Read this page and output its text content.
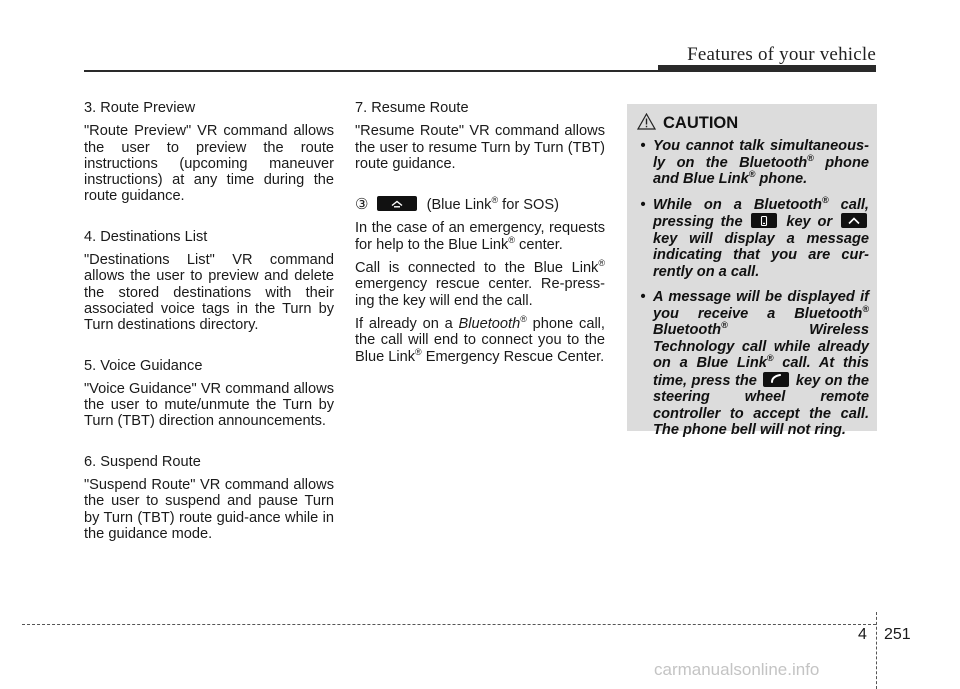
Features of your vehicle

3. Route Preview

"Route Preview" VR command allows the user to preview the route instructions (upcoming maneuver instructions) at any time during the route guidance.

4. Destinations List

"Destinations List" VR command allows the user to preview and delete the stored destinations with their associated voice tags in the Turn by Turn destinations directory.

5. Voice Guidance

"Voice Guidance" VR command allows the user to mute/unmute the Turn by Turn (TBT) direction announcements.

6. Suspend Route

"Suspend Route" VR command allows the user to suspend and pause Turn by Turn (TBT) route guid-ance while in the guidance mode.

7. Resume Route

"Resume Route" VR command allows the user to resume Turn by Turn (TBT) route guidance.

③	(Blue Link® for SOS)

In the case of an emergency, requests for help to the Blue Link® center.

Call is connected to the Blue Link® emergency rescue center. Re-press-ing the key will end the call.

If already on a Bluetooth® phone call, the call will end to connect you to the Blue Link® Emergency Rescue Center.

CAUTION
• You cannot talk simultaneous-ly on the Bluetooth® phone and Blue Link® phone.
• While on a Bluetooth® call, pressing the	key or
key will display a message indicating that you are cur-rently on a call.
• A message will be displayed if you receive a Bluetooth® Bluetooth® Wireless Technology call while already on a Blue Link® call. At this time, press the	key on the steering wheel remote controller to accept the call. The phone bell will not ring.
4 251
carmanualsonline.info
